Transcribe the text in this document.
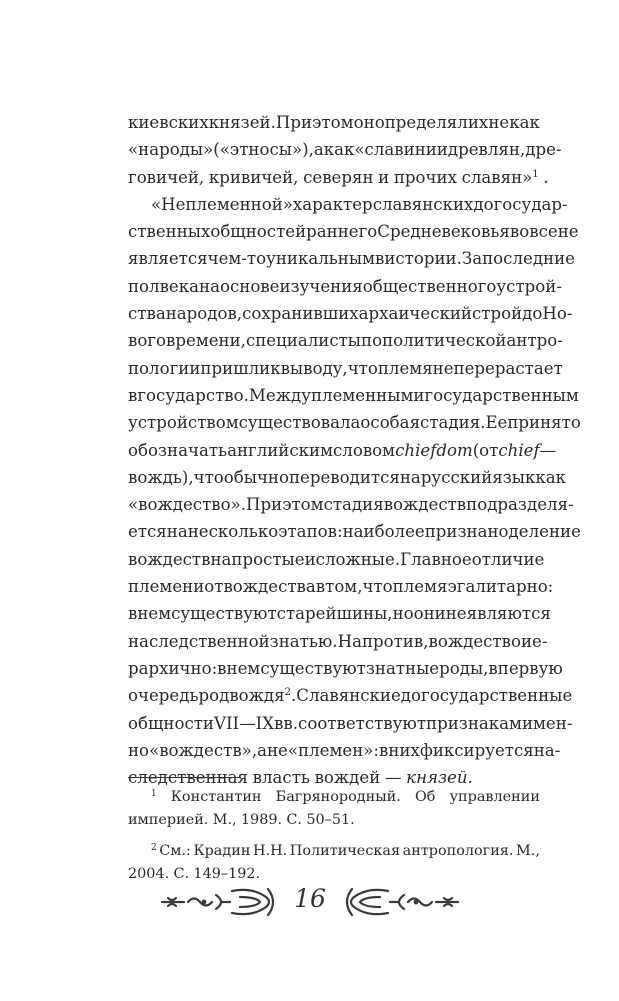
киевских князей. При этом он определял их не как
«народы» («этносы»), а как «славинии древлян, дре-
говичей, кривичей, северян и прочих славян»$^1$ .
«Неплеменной» характер славянских догосудар-
ственных общностей раннего Средневековья вовсе не
является чем-то уникальным в истории. За последние
полвека на основе изучения общественного устрой-
ства народов, сохранивших архаический строй до Но-
вого времени, специалисты по политической антро-
пологии пришли к выводу, что племя не перерастает
в государство. Между племенным и государственным
устройством существовала особая стадия. Ее принято
обозначать английским словом chiefdom (от chief —
вождь), что обычно переводится на русский язык как
«вождество». При этом стадия вождеств подразделя-
ется на несколько этапов: наиболее признано деление
вождеств на простые и сложные. Главное отличие
племени от вождества в том, что племя эгалитарно:
в нем существуют старейшины, но они не являются
наследственной знатью. Напротив, вождество ие-
рархично: в нем существуют знатные роды, в первую
очередь род вождя$^2$ . Славянские догосударственные
общности VII—IX вв. соответствуют признакам имен-
но «вождеств», а не «племен»: в них фиксируется на-
следственная власть вождей — князей.
$^1$ Константин Багрянородный. Об управлении
империей. М., 1989. С. 50–51.
$^2$ См.: Крадин Н.Н. Политическая антропология. М.,
2004. С. 149–192.
16
